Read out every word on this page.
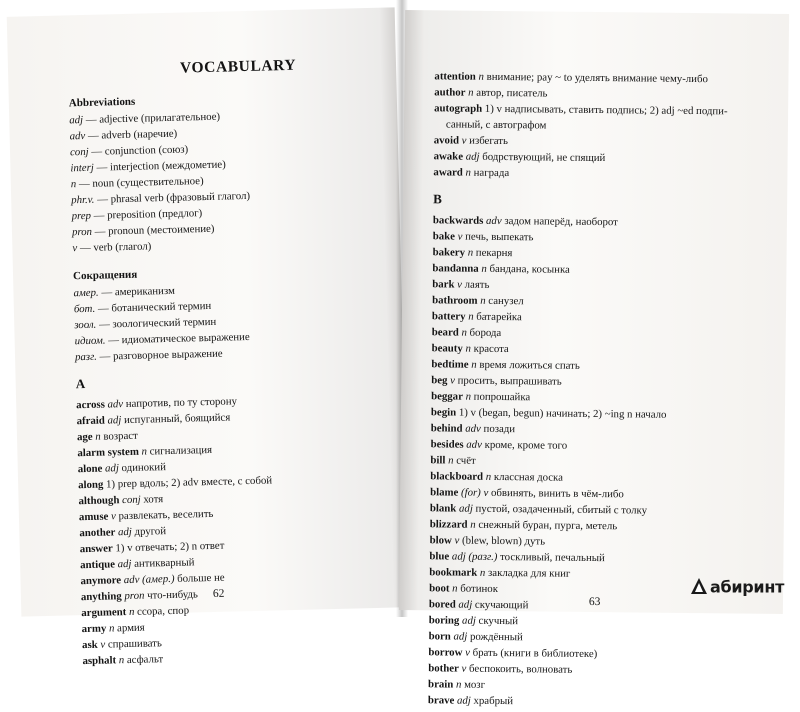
VOCABULARY
Abbreviations
adj — adjective (прилагательное)
adv — adverb (наречие)
conj — conjunction (союз)
interj — interjection (междометие)
n — noun (существительное)
phr.v. — phrasal verb (фразовый глагол)
prep — preposition (предлог)
pron — pronoun (местоимение)
v — verb (глагол)
Сокращения
амер. — американизм
бот. — ботанический термин
зоол. — зоологический термин
идиом. — идиоматическое выражение
разг. — разговорное выражение
A
across adv напротив, по ту сторону
afraid adj испуганный, боящийся
age n возраст
alarm system n сигнализация
alone adj одинокий
along 1) prep вдоль; 2) adv вместе, с собой
although conj хотя
amuse v развлекать, веселить
another adj другой
answer 1) v отвечать; 2) n ответ
antique adj антикварный
anymore adv (амер.) больше не
anything pron что-нибудь
argument n ссора, спор
army n армия
ask v спрашивать
asphalt n асфальт
62
attention n внимание; pay ~ to уделять внимание чему-либо
author n автор, писатель
autograph 1) v надписывать, ставить подпись; 2) adj ~ed подпи-
санный, с автографом
avoid v избегать
awake adj бодрствующий, не спящий
award n награда
B
backwards adv задом наперёд, наоборот
bake v печь, выпекать
bakery n пекарня
bandanna n бандана, косынка
bark v лаять
bathroom n санузел
battery n батарейка
beard n борода
beauty n красота
bedtime n время ложиться спать
beg v просить, выпрашивать
beggar n попрошайка
begin 1) v (began, begun) начинать; 2) ~ing n начало
behind adv позади
besides adv кроме, кроме того
bill n счёт
blackboard n классная доска
blame (for) v обвинять, винить в чём-либо
blank adj пустой, озадаченный, сбитый с толку
blizzard n снежный буран, пурга, метель
blow v (blew, blown) дуть
blue adj (разг.) тоскливый, печальный
bookmark n закладка для книг
boot n ботинок
bored adj скучающий
boring adj скучный
born adj рождённый
borrow v брать (книги в библиотеке)
bother v беспокоить, волновать
brain n мозг
brave adj храбрый
63
абиринт
